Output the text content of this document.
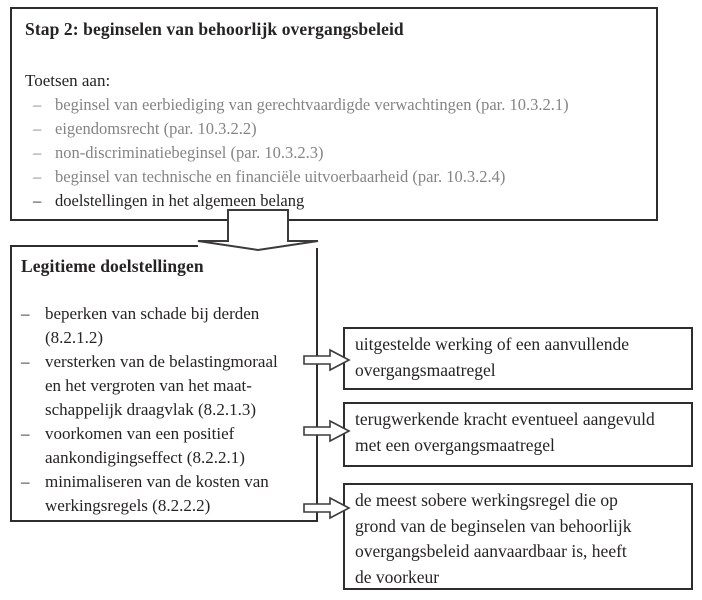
Stap 2: beginselen van behoorlijk overgangsbeleid
Toetsen aan:
– beginsel van eerbiediging van gerechtvaardigde verwachtingen (par. 10.3.2.1)
– eigendomsrecht (par. 10.3.2.2)
– non-discriminatiebeginsel (par. 10.3.2.3)
– beginsel van technische en financiële uitvoerbaarheid (par. 10.3.2.4)
– doelstellingen in het algemeen belang
Legitieme doelstellingen
– beperken van schade bij derden
(8.2.1.2)
– versterken van de belastingmoraal
en het vergroten van het maat-
schappelijk draagvlak (8.2.1.3)
– voorkomen van een positief
aankondigingseffect (8.2.2.1)
– minimaliseren van de kosten van
werkingsregels (8.2.2.2)
uitgestelde werking of een aanvullende
overgangsmaatregel
terugwerkende kracht eventueel aangevuld
met een overgangsmaatregel
de meest sobere werkingsregel die op
grond van de beginselen van behoorlijk
overgangsbeleid aanvaardbaar is, heeft
de voorkeur
